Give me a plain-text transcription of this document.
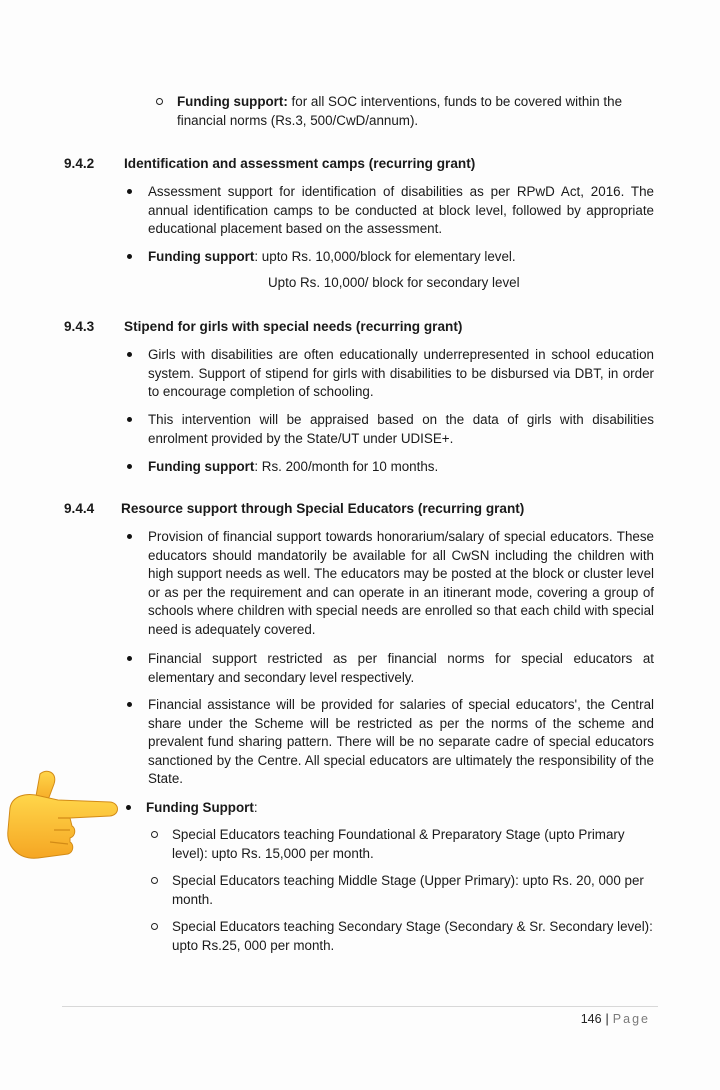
Funding support: for all SOC interventions, funds to be covered within the financial norms (Rs.3, 500/CwD/annum).
9.4.2 Identification and assessment camps (recurring grant)
Assessment support for identification of disabilities as per RPwD Act, 2016. The annual identification camps to be conducted at block level, followed by appropriate educational placement based on the assessment.
Funding support: upto Rs. 10,000/block for elementary level.
Upto Rs. 10,000/ block for secondary level
9.4.3 Stipend for girls with special needs (recurring grant)
Girls with disabilities are often educationally underrepresented in school education system. Support of stipend for girls with disabilities to be disbursed via DBT, in order to encourage completion of schooling.
This intervention will be appraised based on the data of girls with disabilities enrolment provided by the State/UT under UDISE+.
Funding support: Rs. 200/month for 10 months.
9.4.4 Resource support through Special Educators (recurring grant)
Provision of financial support towards honorarium/salary of special educators. These educators should mandatorily be available for all CwSN including the children with high support needs as well. The educators may be posted at the block or cluster level or as per the requirement and can operate in an itinerant mode, covering a group of schools where children with special needs are enrolled so that each child with special need is adequately covered.
Financial support restricted as per financial norms for special educators at elementary and secondary level respectively.
Financial assistance will be provided for salaries of special educators', the Central share under the Scheme will be restricted as per the norms of the scheme and prevalent fund sharing pattern. There will be no separate cadre of special educators sanctioned by the Centre. All special educators are ultimately the responsibility of the State.
Funding Support:
Special Educators teaching Foundational & Preparatory Stage (upto Primary level): upto Rs. 15,000 per month.
Special Educators teaching Middle Stage (Upper Primary): upto Rs. 20, 000 per month.
Special Educators teaching Secondary Stage (Secondary & Sr. Secondary level): upto Rs.25, 000 per month.
146 | Page
